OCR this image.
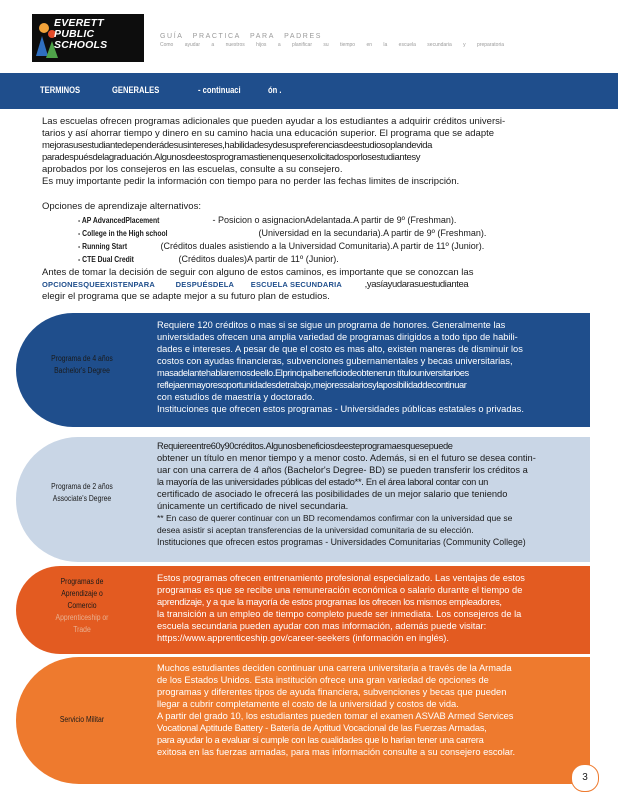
EVERETT
PUBLIC
SCHOOLS
GUÍA PRACTICA PARA PADRES
Como ayudar a nuestros hijos a planificar su tiempo en la escuela secundaria y preparatoria
TERMINOS	GENERALES	- continuaci	ón .

Las escuelas ofrecen programas adicionales que pueden ayudar a los estudiantes a adquirir créditos universi-

tarios y así ahorrar tiempo y dinero en su camino hacia una educación superior. El programa que se adapte

mejorasusestudiantedependerádesusintereses,habilidadesydesuspreferenciasdeestudiosoplandevida

paradespuésdelagraduación.Algunosdeestosprogramastienenqueserxolicitadosporlosestudiantesy

aprobados por los consejeros en las escuelas, consulte a su consejero.

Es muy importante pedir la información con tiempo para no perder las fechas limites de inscripción.

Opciones de aprendizaje alternativos:
- AP AdvancedPlacement	- Posicion o asignacionAdelantada.A partir de 9º (Freshman).
- College in the High school	(Universidad en la secundaria).A partir de 9º (Freshman).
- Running Start	(Créditos duales asistiendo a la Universidad Comunitaria).A partir de 11º (Junior).
- CTE Dual Credit	(Créditos duales)A partir de 11º (Junior).

Antes de tomar la decisión de seguir con alguno de estos caminos, es importante que se conozcan las

OPCIONESQUEEXISTENPARA	DESPUÉSDELA ESCUELA SECUNDARIA ,yasíayudarasuestudiantea

elegir el programa que se adapte mejor a su futuro plan de estudios.

Programa de 4 años
Bachelor's Degree

Requiere 120 créditos o mas si se sigue un programa de honores. Generalmente las

universidades ofrecen una amplia variedad de programas dirigidos a todo tipo de habili-

dades e intereses. A pesar de que el costo es mas alto, existen maneras de disminuir los

costos con ayudas financieras, subvenciones gubernamentales y becas universitarias,

masadelantehablaremosdeello.Elprincipalbeneficiodeobtenerun títulouniversitarioes

reflejaenmayoresoportunidadesdetrabajo,mejoressalariosylaposibilidaddecontinuar

con estudios de maestría y doctorado.

Instituciones que ofrecen estos programas - Universidades públicas estatales o privadas.

Programa de 2 años
Associate's Degree

Requiereentre60y90créditos.Algunosbeneficiosdeesteprogramaesquesepuede

obtener un título en menor tiempo y a menor costo. Además, si en el futuro se desea contin-

uar con una carrera de 4 años (Bachelor's Degree- BD) se pueden transferir los créditos a

la mayoría de las universidades públicas del estado**. En el área laboral contar con un

certificado de asociado le ofrecerá las posibilidades de un mejor salario que teniendo

únicamente un certificado de nivel secundaria.

** En caso de querer continuar con un BD recomendamos confirmar con la universidad que se

desea asistir si aceptan transferencias de la universidad comunitaria de su elección.

Instituciones que ofrecen estos programas - Universidades Comunitarias (Community College)

Programas de
Aprendizaje o
Comercio
Apprenticeship or
Trade

Estos programas ofrecen entrenamiento profesional especializado. Las ventajas de estos

programas es que se recibe una remuneración económica o salario durante el tiempo de

aprendizaje, y a que la mayoría de estos programas los ofrecen los mismos empleadores,

la transición a un empleo de tiempo completo puede ser inmediata. Los consejeros de la

escuela secundaria pueden ayudar con mas información, además puede visitar:

https://www.apprenticeship.gov/career-seekers (información en inglés).

Servicio Militar

Muchos estudiantes deciden continuar una carrera universitaria a través de la Armada

de los Estados Unidos. Esta institución ofrece una gran variedad de opciones de

programas y diferentes tipos de ayuda financiera, subvenciones y becas que pueden

llegar a cubrir completamente el costo de la universidad y costos de vida.

A partir del grado 10, los estudiantes pueden tomar el examen ASVAB Armed Services

Vocational Aptitude Battery - Batería de Aptitud Vocacional de las Fuerzas Armadas,

para ayudar lo a evaluar si cumple con las cualidades que lo harían tener una carrera

exitosa en las fuerzas armadas, para mas información consulte a su consejero escolar.

3
